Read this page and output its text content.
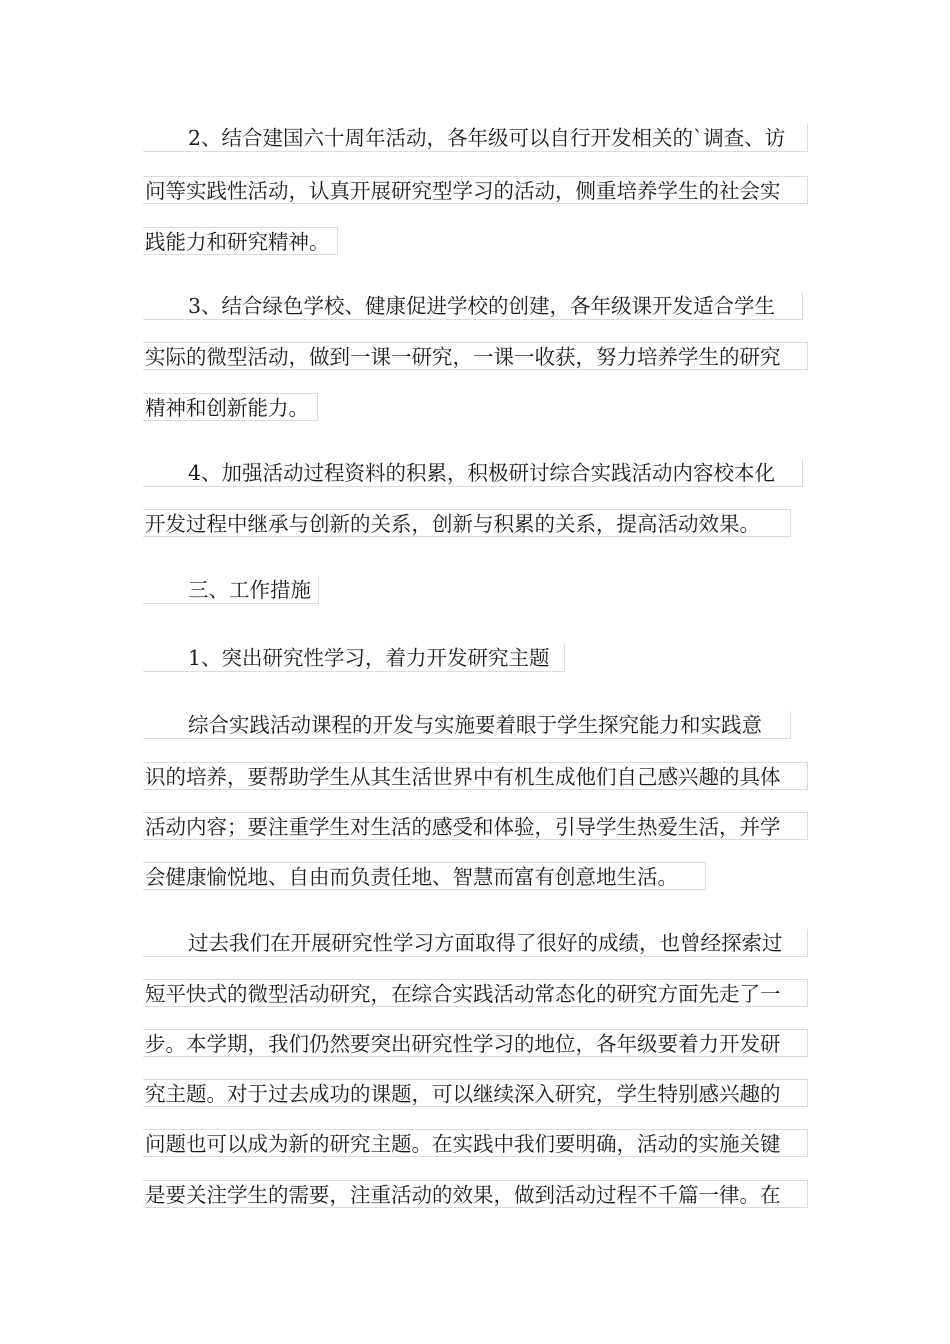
2、结合建国六十周年活动，各年级可以自行开发相关的`调查、访
问等实践性活动，认真开展研究型学习的活动，侧重培养学生的社会实
践能力和研究精神。
3、结合绿色学校、健康促进学校的创建，各年级课开发适合学生
实际的微型活动，做到一课一研究，一课一收获，努力培养学生的研究
精神和创新能力。
4、加强活动过程资料的积累，积极研讨综合实践活动内容校本化
开发过程中继承与创新的关系，创新与积累的关系，提高活动效果。
三、工作措施
1、突出研究性学习，着力开发研究主题
综合实践活动课程的开发与实施要着眼于学生探究能力和实践意
识的培养，要帮助学生从其生活世界中有机生成他们自己感兴趣的具体
活动内容；要注重学生对生活的感受和体验，引导学生热爱生活，并学
会健康愉悦地、自由而负责任地、智慧而富有创意地生活。
过去我们在开展研究性学习方面取得了很好的成绩，也曾经探索过
短平快式的微型活动研究，在综合实践活动常态化的研究方面先走了一
步。本学期，我们仍然要突出研究性学习的地位，各年级要着力开发研
究主题。对于过去成功的课题，可以继续深入研究，学生特别感兴趣的
问题也可以成为新的研究主题。在实践中我们要明确，活动的实施关键
是要关注学生的需要，注重活动的效果，做到活动过程不千篇一律。在
